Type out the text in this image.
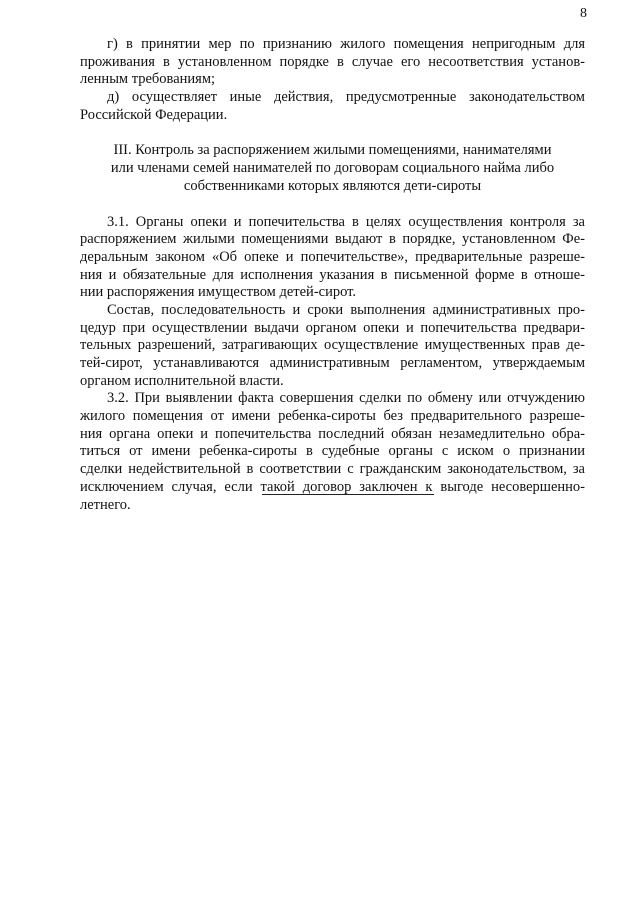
8
г) в принятии мер по признанию жилого помещения непригодным для
проживания в установленном порядке в случае его несоответствия установ-
ленным требованиям;
д) осуществляет иные действия, предусмотренные законодательством
Российской Федерации.
III. Контроль за распоряжением жилыми помещениями, нанимателями
или членами семей нанимателей по договорам социального найма либо
собственниками которых являются дети-сироты
3.1. Органы опеки и попечительства в целях осуществления контроля за
распоряжением жилыми помещениями выдают в порядке, установленном Фе-
деральным законом «Об опеке и попечительстве», предварительные разреше-
ния и обязательные для исполнения указания в письменной форме в отноше-
нии распоряжения имуществом детей-сирот.
Состав, последовательность и сроки выполнения административных про-
цедур при осуществлении выдачи органом опеки и попечительства предвари-
тельных разрешений, затрагивающих осуществление имущественных прав де-
тей-сирот, устанавливаются административным регламентом, утверждаемым
органом исполнительной власти.
3.2. При выявлении факта совершения сделки по обмену или отчуждению
жилого помещения от имени ребенка-сироты без предварительного разреше-
ния органа опеки и попечительства последний обязан незамедлительно обра-
титься от имени ребенка-сироты в судебные органы с иском о признании
сделки недействительной в соответствии с гражданским законодательством, за
исключением случая, если такой договор заключен к выгоде несовершенно-
летнего.
